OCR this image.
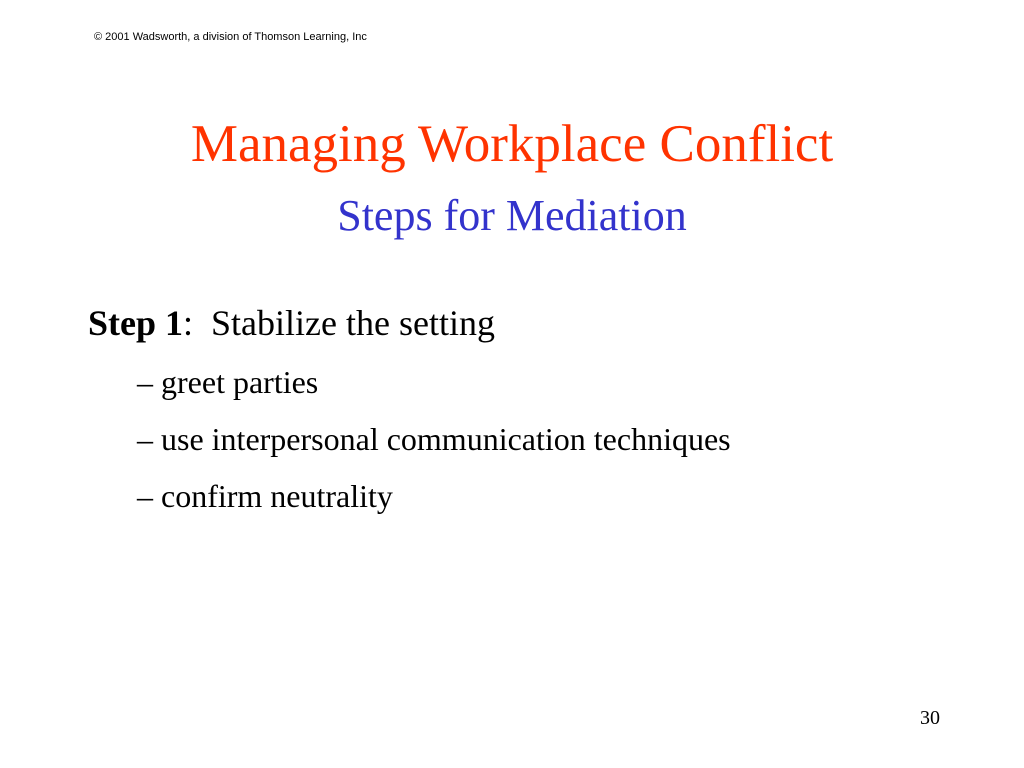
© 2001 Wadsworth, a division of Thomson Learning, Inc
Managing Workplace Conflict
Steps for Mediation
Step 1: Stabilize the setting
– greet parties
– use interpersonal communication techniques
– confirm neutrality
30
